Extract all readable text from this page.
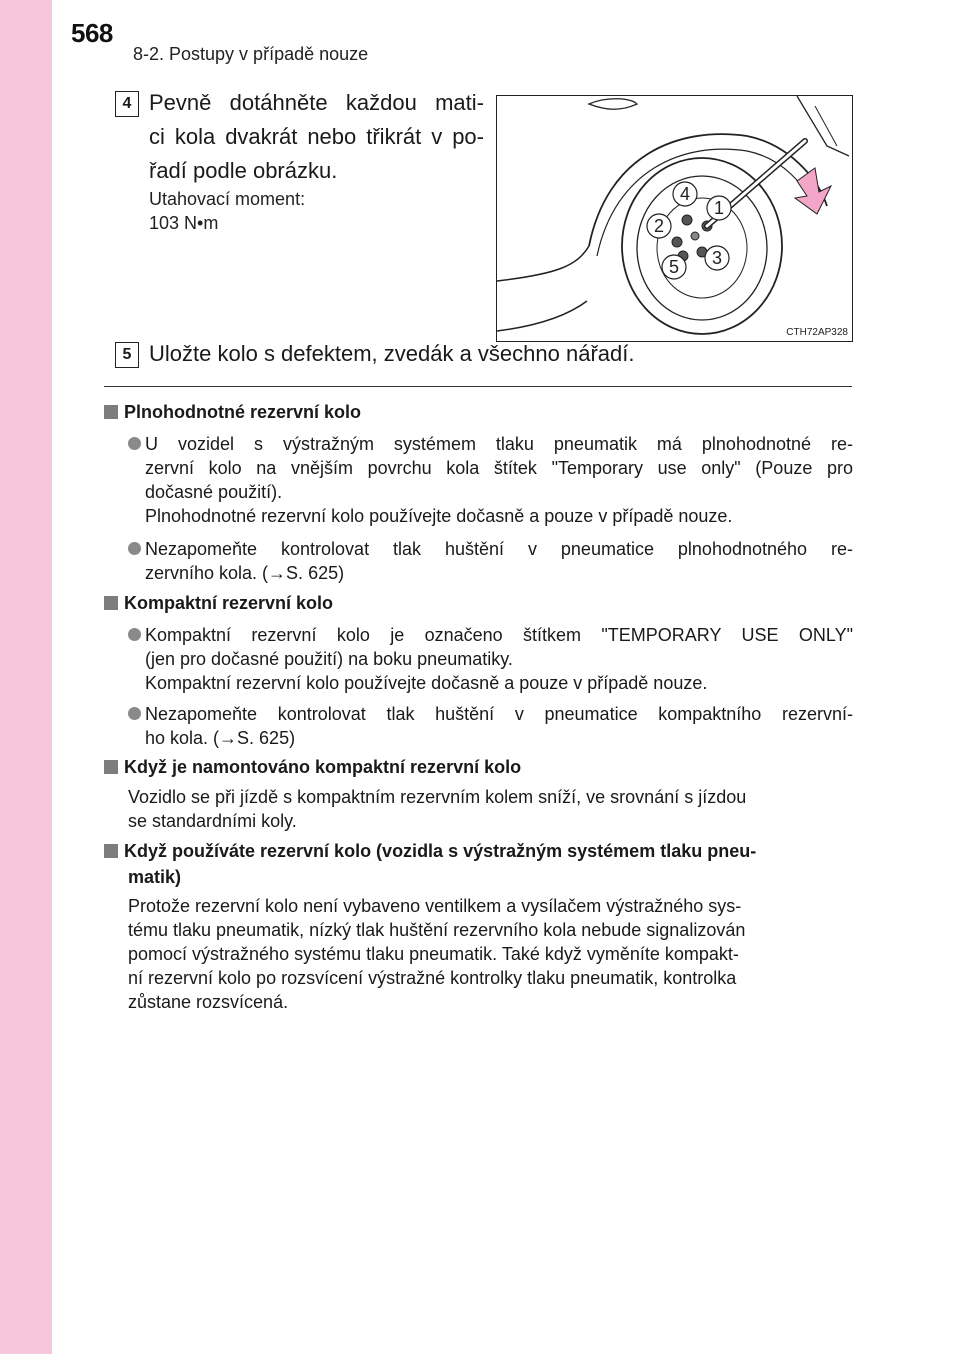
568
8-2. Postupy v případě nouze
4 Pevně dotáhněte každou mati-
ci kola dvakrát nebo třikrát v po-
řadí podle obrázku.
Utahovací moment:
103 N•m
1
2
3
4
5
CTH72AP328
5 Uložte kolo s defektem, zvedák a všechno nářadí.
Plnohodnotné rezervní kolo
U vozidel s výstražným systémem tlaku pneumatik má plnohodnotné re-
zervní kolo na vnějším povrchu kola štítek "Temporary use only" (Pouze pro
dočasné použití).
Plnohodnotné rezervní kolo používejte dočasně a pouze v případě nouze.
Nezapomeňte kontrolovat tlak huštění v pneumatice plnohodnotného re-
zervního kola. (→S. 625)
Kompaktní rezervní kolo
Kompaktní rezervní kolo je označeno štítkem "TEMPORARY USE ONLY"
(jen pro dočasné použití) na boku pneumatiky.
Kompaktní rezervní kolo používejte dočasně a pouze v případě nouze.
Nezapomeňte kontrolovat tlak huštění v pneumatice kompaktního rezervní-
ho kola. (→S. 625)
Když je namontováno kompaktní rezervní kolo
Vozidlo se při jízdě s kompaktním rezervním kolem sníží, ve srovnání s jízdou
se standardními koly.
Když používáte rezervní kolo (vozidla s výstražným systémem tlaku pneu-
matik)
Protože rezervní kolo není vybaveno ventilkem a vysílačem výstražného sys-
tému tlaku pneumatik, nízký tlak huštění rezervního kola nebude signalizován
pomocí výstražného systému tlaku pneumatik. Také když vyměníte kompakt-
ní rezervní kolo po rozsvícení výstražné kontrolky tlaku pneumatik, kontrolka
zůstane rozsvícená.
